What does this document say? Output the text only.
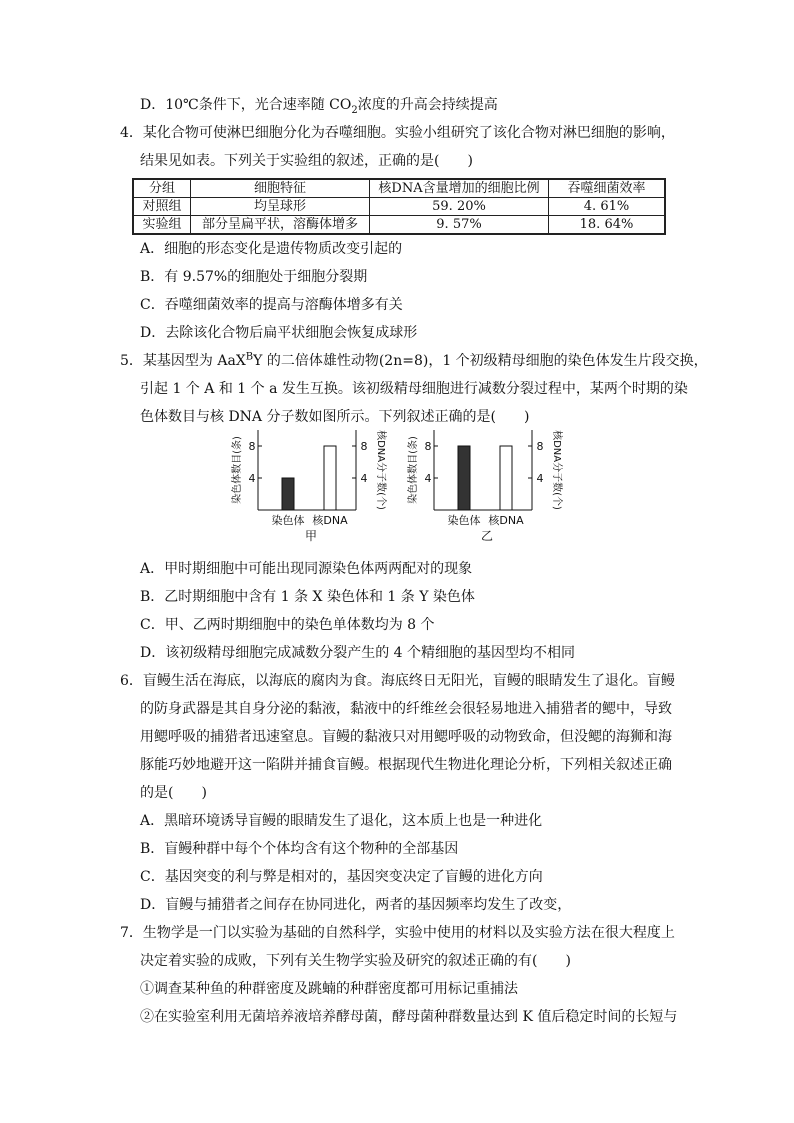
D．10℃条件下，光合速率随 $CO_2$浓度的升高会持续提高
4．某化合物可使淋巴细胞分化为吞噬细胞。实验小组研究了该化合物对淋巴细胞的影响，
结果见如表。下列关于实验组的叙述，正确的是(　　)
分组	细胞特征	核DNA含量增加的细胞比例	吞噬细菌效率
对照组	均呈球形	59. 20%	4. 61%
实验组	部分呈扁平状，溶酶体增多	9. 57%	18. 64%
A．细胞的形态变化是遗传物质改变引起的
B．有 9.57%的细胞处于细胞分裂期
C．吞噬细菌效率的提高与溶酶体增多有关
D．去除该化合物后扁平状细胞会恢复成球形
5．某基因型为 AaX$^B$Y 的二倍体雄性动物(2n=8)，1 个初级精母细胞的染色体发生片段交换，
引起 1 个 A 和 1 个 a 发生互换。该初级精母细胞进行减数分裂过程中，某两个时期的染
色体数目与核 DNA 分子数如图所示。下列叙述正确的是(　　)
4	4
8	8
染色体数目(条)	核DNA分子数(个)
染色体 核DNA
甲
4	4
8	8
染色体数目(条)	核DNA分子数(个)
染色体 核DNA
乙
A．甲时期细胞中可能出现同源染色体两两配对的现象
B．乙时期细胞中含有 1 条 X 染色体和 1 条 Y 染色体
C．甲、乙两时期细胞中的染色单体数均为 8 个
D．该初级精母细胞完成减数分裂产生的 4 个精细胞的基因型均不相同
6．盲鳗生活在海底，以海底的腐肉为食。海底终日无阳光，盲鳗的眼睛发生了退化。盲鳗
的防身武器是其自身分泌的黏液，黏液中的纤维丝会很轻易地进入捕猎者的鳃中，导致
用鳃呼吸的捕猎者迅速窒息。盲鳗的黏液只对用鳃呼吸的动物致命，但没鳃的海狮和海
豚能巧妙地避开这一陷阱并捕食盲鳗。根据现代生物进化理论分析，下列相关叙述正确
的是(　　)
A．黑暗环境诱导盲鳗的眼睛发生了退化，这本质上也是一种进化
B．盲鳗种群中每个个体均含有这个物种的全部基因
C．基因突变的利与弊是相对的，基因突变决定了盲鳗的进化方向
D．盲鳗与捕猎者之间存在协同进化，两者的基因频率均发生了改变，
7．生物学是一门以实验为基础的自然科学，实验中使用的材料以及实验方法在很大程度上
决定着实验的成败，下列有关生物学实验及研究的叙述正确的有(　　)
①调查某种鱼的种群密度及跳蝻的种群密度都可用标记重捕法
②在实验室利用无菌培养液培养酵母菌，酵母菌种群数量达到 K 值后稳定时间的长短与
